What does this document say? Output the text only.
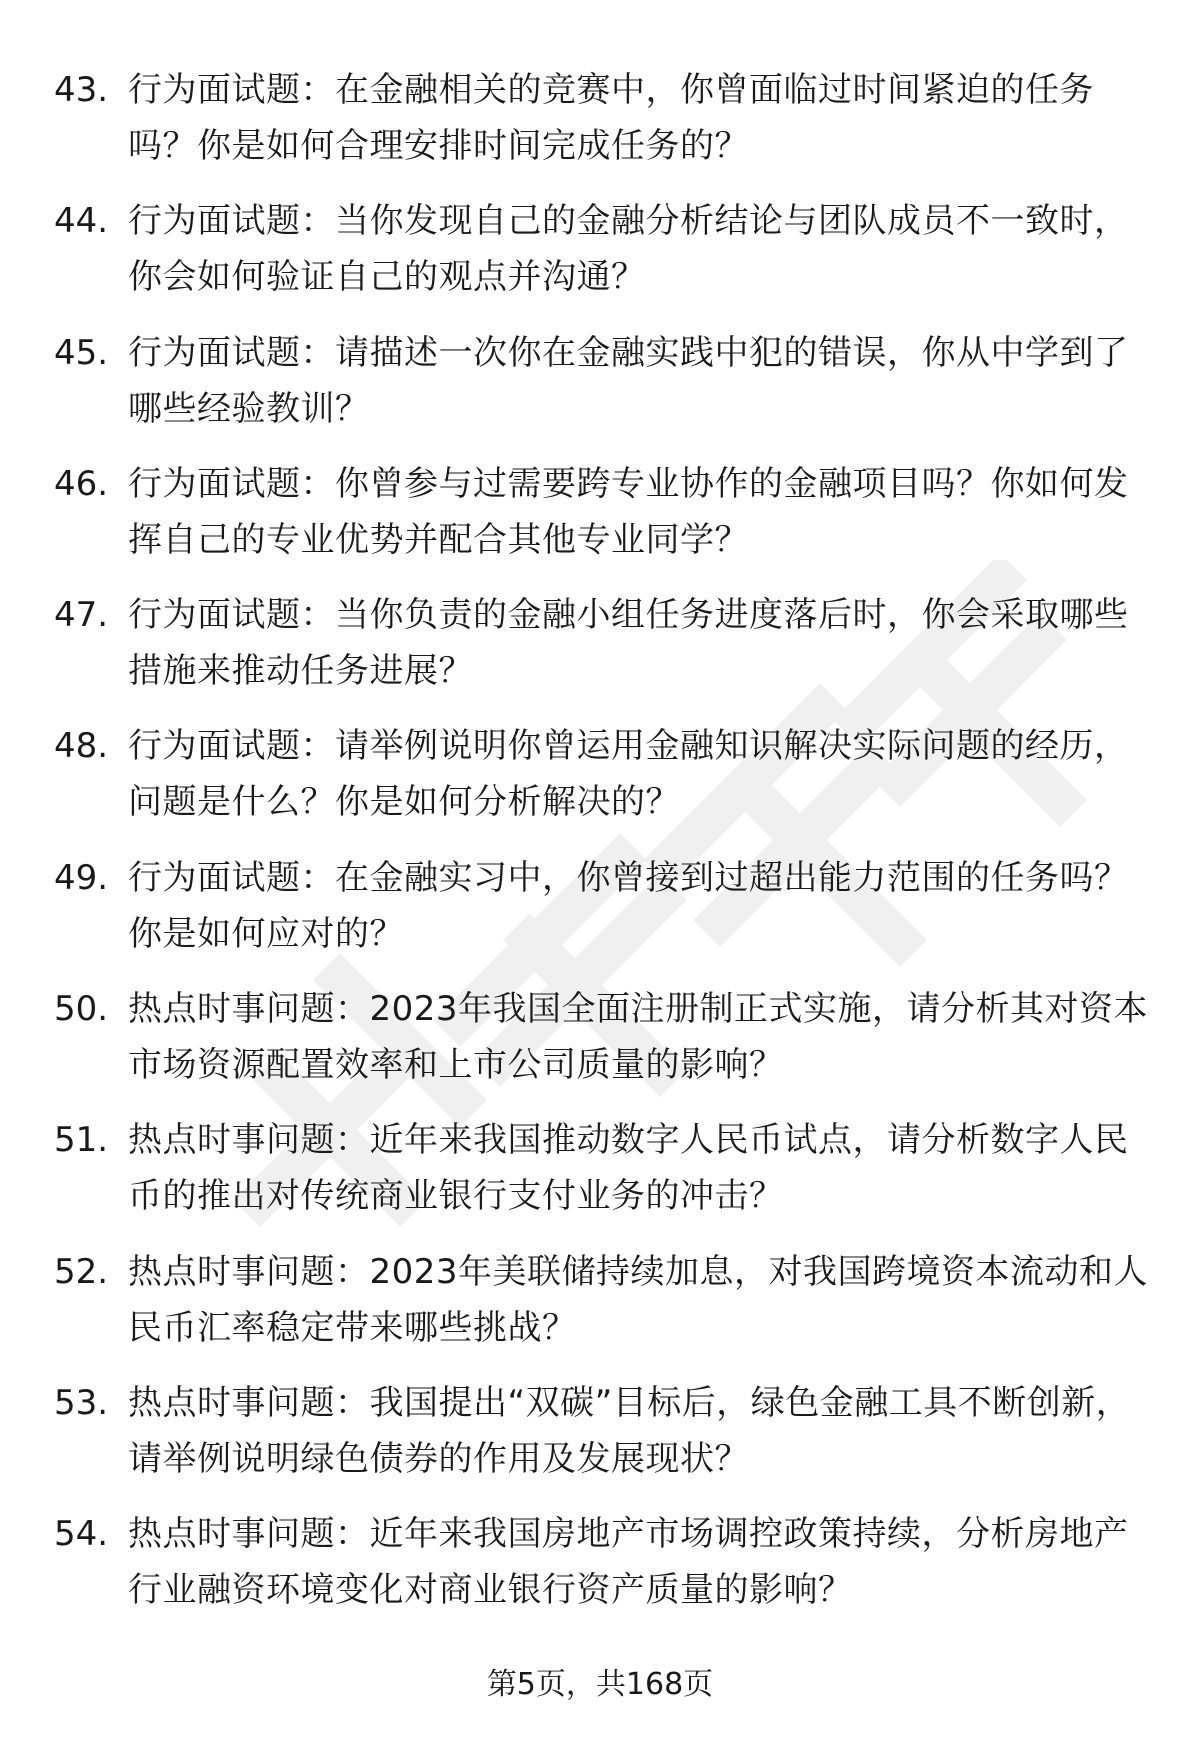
43. 行为面试题：在金融相关的竞赛中，你曾面临过时间紧迫的任务吗？你是如何合理安排时间完成任务的？
44. 行为面试题：当你发现自己的金融分析结论与团队成员不一致时，你会如何验证自己的观点并沟通？
45. 行为面试题：请描述一次你在金融实践中犯的错误，你从中学到了哪些经验教训？
46. 行为面试题：你曾参与过需要跨专业协作的金融项目吗？你如何发挥自己的专业优势并配合其他专业同学？
47. 行为面试题：当你负责的金融小组任务进度落后时，你会采取哪些措施来推动任务进展？
48. 行为面试题：请举例说明你曾运用金融知识解决实际问题的经历，问题是什么？你是如何分析解决的？
49. 行为面试题：在金融实习中，你曾接到过超出能力范围的任务吗？你是如何应对的？
50. 热点时事问题：2023年我国全面注册制正式实施，请分析其对资本市场资源配置效率和上市公司质量的影响？
51. 热点时事问题：近年来我国推动数字人民币试点，请分析数字人民币的推出对传统商业银行支付业务的冲击？
52. 热点时事问题：2023年美联储持续加息，对我国跨境资本流动和人民币汇率稳定带来哪些挑战？
53. 热点时事问题：我国提出“双碳”目标后，绿色金融工具不断创新，请举例说明绿色债券的作用及发展现状？
54. 热点时事问题：近年来我国房地产市场调控政策持续，分析房地产行业融资环境变化对商业银行资产质量的影响？
第5页，共168页
